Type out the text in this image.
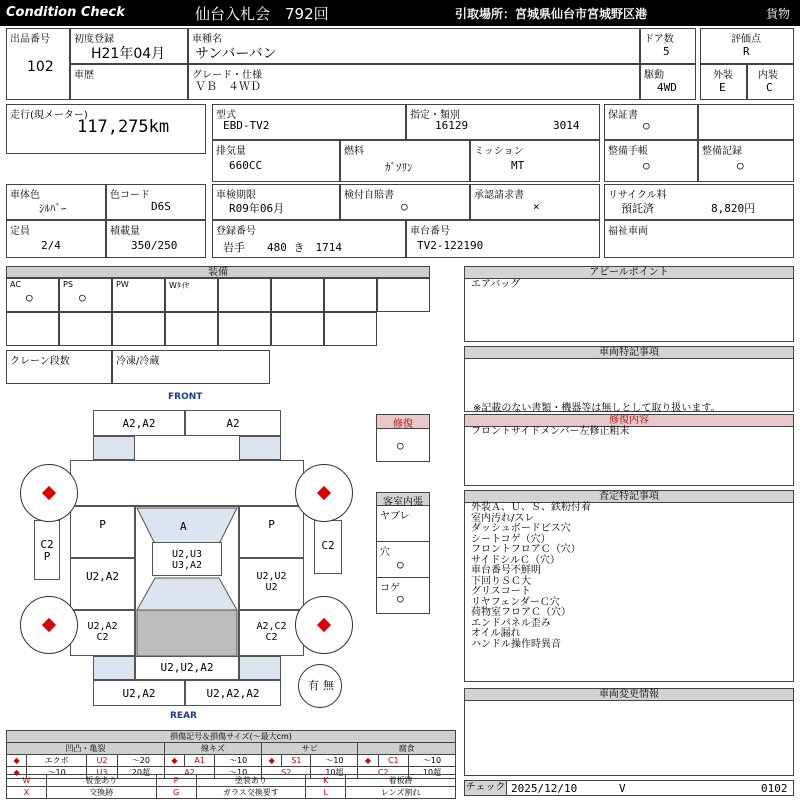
Condition Check	仙台入札会　792回	引取場所：宮城県仙台市宮城野区港	貨物
出品番号
102
初度登録
H21年04月
車種名
サンバーバン
ドア数
5
評価点
R
車歴	グレード・仕様
ＶＢ　４ＷＤ
駆動
4WD
外装
E
内装
C
走行(現メーター)
117,275km
型式
EBD-TV2
指定・類別
16129	3014
保証書
○
排気量
660CC
燃料
ｶﾞｿﾘﾝ
ミッション
MT
整備手帳
○
整備記録
○
車体色
ｼﾙﾊﾞｰ
色コード
D6S
車検期限
R09年06月
検付自賠書
○
承認請求書
×
リサイクル料
預託済	8,820円
定員
2/4
積載量
350/250
登録番号
岩手　　480 き　1714
車台番号
TV2-122190
福祉車両
装備
AC
○
PS
○
PW	Wﾀｲﾔ
クレーン段数	冷凍/冷蔵
FRONT
REAR
A2,A2	A2
P	P
A
U2,U3
U3,A2
C2
P
C2
U2,A2	U2,U2
U2
U2,A2
C2
A2,C2
C2
U2,U2,A2
U2,A2	U2,A2,A2
有 無
修復
○
客室内張
ヤブレ
穴
○
コゲ
○
アピールポイント
エアバッグ
車両特記事項
※記載のない書類・機器等は無しとして取り扱います。
修復内容
フロントサイドメンバー左修正粗末
査定特記事項
外装Ａ、Ｕ、Ｓ、鉄粉付着
室内汚れ/スレ
ダッシュボードビス穴
シートコゲ（穴）
フロントフロアＣ（穴）
サイドシルＣ（穴）
車台番号不鮮明
下回りＳＣ大
グリスコート
リヤフェンダーＣ穴
荷物室フロアＣ（穴）
エンドパネル歪み
オイル漏れ
ハンドル操作時異音
車両変更情報
チェック 2025/12/10	V	0102
損傷記号＆損傷サイズ(～最大cm)												
凹凸・亀裂				線キズ			サビ			腐食		
◆	エクボ	U2	～20	◆	A1	～10	◆	S1	～10	◆	C1	～10
◆	～10	U3	20超	A2		～10	S2		10超	C2		10超
W	板金あり	P	塗装あり	K	着板跡
X	交換跡	G	ガラス交換要す	L	レンズ割れ
